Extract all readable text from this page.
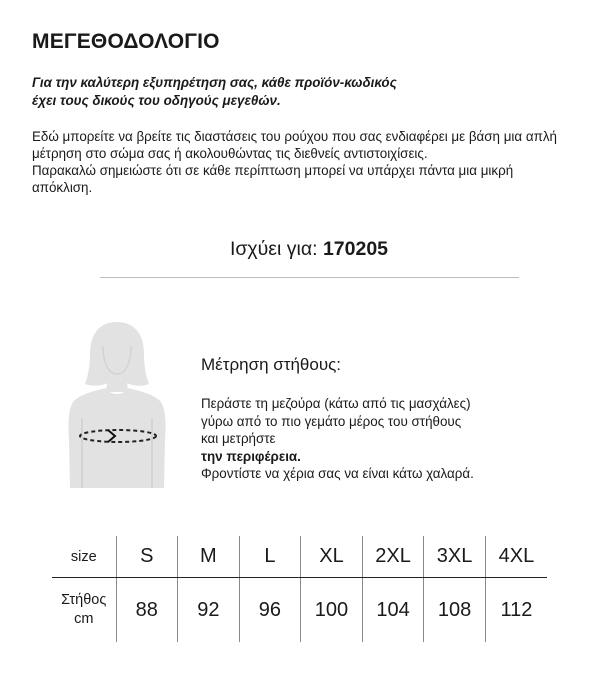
ΜΕΓΕΘΟΔΟΛΟΓΙΟ
Για την καλύτερη εξυπηρέτηση σας, κάθε προϊόν-κωδικός
έχει τους δικούς του οδηγούς μεγεθών.

Εδώ μπορείτε να βρείτε τις διαστάσεις του ρούχου που σας ενδιαφέρει με βάση μια απλή μέτρηση στο σώμα σας ή ακολουθώντας τις διεθνείς αντιστοιχίσεις.

Παρακαλώ σημειώστε ότι σε κάθε περίπτωση μπορεί να υπάρχει πάντα μια μικρή απόκλιση.

Ισχύει για: 170205
Μέτρηση στήθους:
Περάστε τη μεζούρα (κάτω από τις μασχάλες)
γύρω από το πιο γεμάτο μέρος του στήθους
και μετρήστε
την περιφέρεια.
Φροντίστε να χέρια σας να είναι κάτω χαλαρά.
size	S	M	L	XL	2XL	3XL	4XL
Στήθος
cm	88	92	96	100	104	108	112
